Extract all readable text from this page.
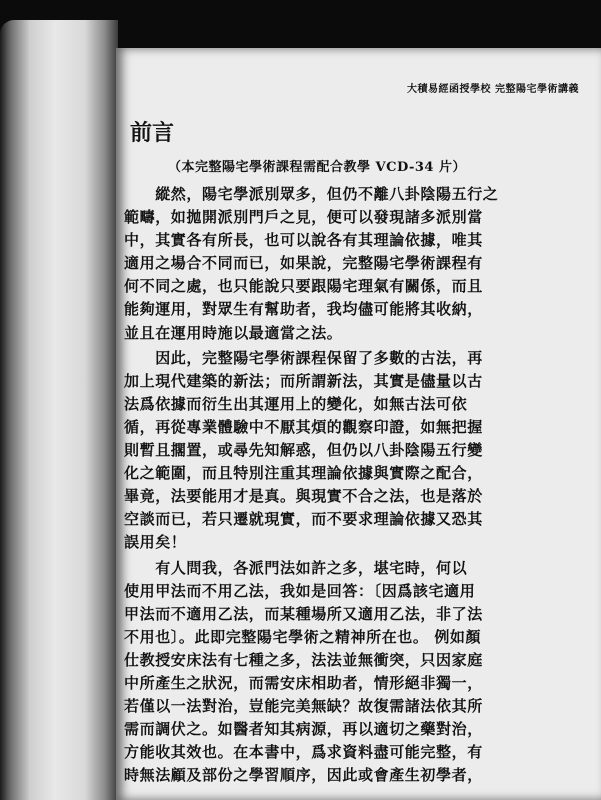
大積易經函授學校 完整陽宅學術講義
前言
（本完整陽宅學術課程需配合教學 VCD-34 片）
　　縱然，陽宅學派別眾多，但仍不離八卦陰陽五行之
範疇，如拋開派別門戶之見，便可以發現諸多派別當
中，其實各有所長，也可以說各有其理論依據，唯其
適用之場合不同而已，如果說，完整陽宅學術課程有
何不同之處，也只能說只要跟陽宅理氣有關係，而且
能夠運用，對眾生有幫助者，我均儘可能將其收納，
並且在運用時施以最適當之法。
　　因此，完整陽宅學術課程保留了多數的古法，再
加上現代建築的新法；而所謂新法，其實是儘量以古
法爲依據而衍生出其運用上的變化，如無古法可依
循，再從專業體驗中不厭其煩的觀察印證，如無把握
則暫且擱置，或尋先知解惑，但仍以八卦陰陽五行變
化之範圍，而且特別注重其理論依據與實際之配合，
畢竟，法要能用才是真。與現實不合之法，也是落於
空談而已，若只遷就現實，而不要求理論依據又恐其
誤用矣！
　　有人問我，各派門法如許之多，堪宅時，何以
使用甲法而不用乙法，我如是回答：〔因爲該宅適用
甲法而不適用乙法，而某種場所又適用乙法，非了法
不用也〕。此即完整陽宅學術之精神所在也。 例如顏
仕教授安床法有七種之多，法法並無衝突，只因家庭
中所產生之狀況，而需安床相助者，情形絕非獨一，
若僅以一法對治，豈能完美無缺？故復需諸法依其所
需而調伏之。如醫者知其病源，再以適切之藥對治，
方能收其效也。在本書中，爲求資料盡可能完整，有
時無法顧及部份之學習順序，因此或會產生初學者，
